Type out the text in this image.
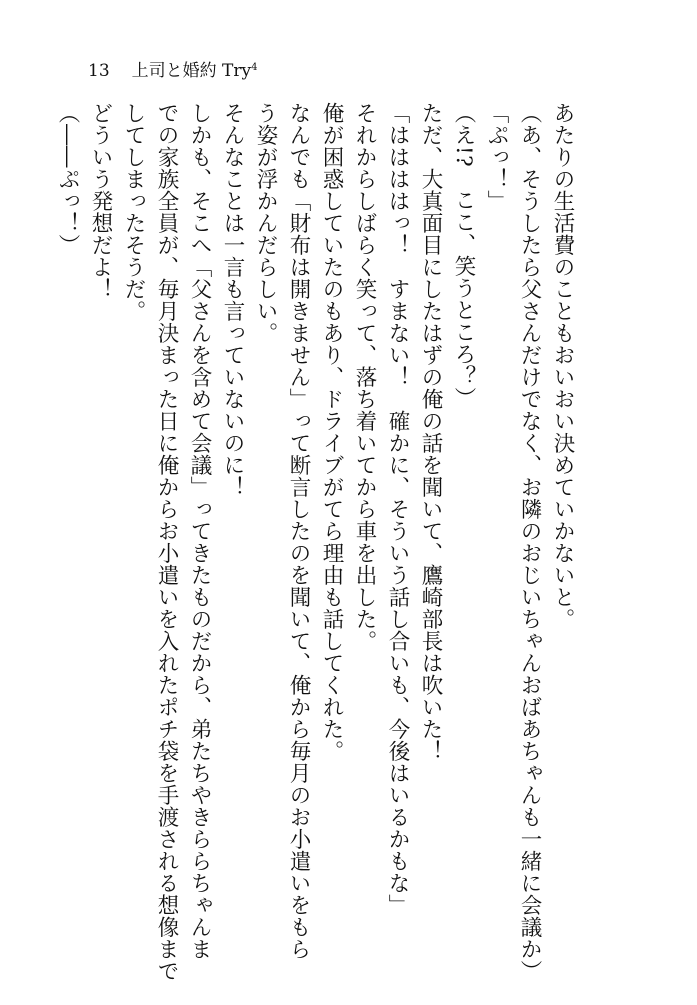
13 上司と婚約 Try$^4$
あたりの生活費のこともおいおい決めていかないと。
（あ、そうしたら父さんだけでなく、お隣のおじいちゃんおばあちゃんも一緒に会議か）
「ぷっ！」
（え!?　ここ、笑うところ？）
ただ、大真面目にしたはずの俺の話を聞いて、鷹崎部長は吹いた！
「ははははっ！　すまない！　確かに、そういう話し合いも、今後はいるかもな」
それからしばらく笑って、落ち着いてから車を出した。
俺が困惑していたのもあり、ドライブがてら理由も話してくれた。
なんでも「財布は開きません」って断言したのを聞いて、俺から毎月のお小遣いをもら
う姿が浮かんだらしい。
そんなことは一言も言っていないのに！
しかも、そこへ「父さんを含めて会議」ってきたものだから、弟たちやきららちゃんま
での家族全員が、毎月決まった日に俺からお小遣いを入れたポチ袋を手渡される想像まで
してしまったそうだ。
どういう発想だよ！
（――ぷっ！）
